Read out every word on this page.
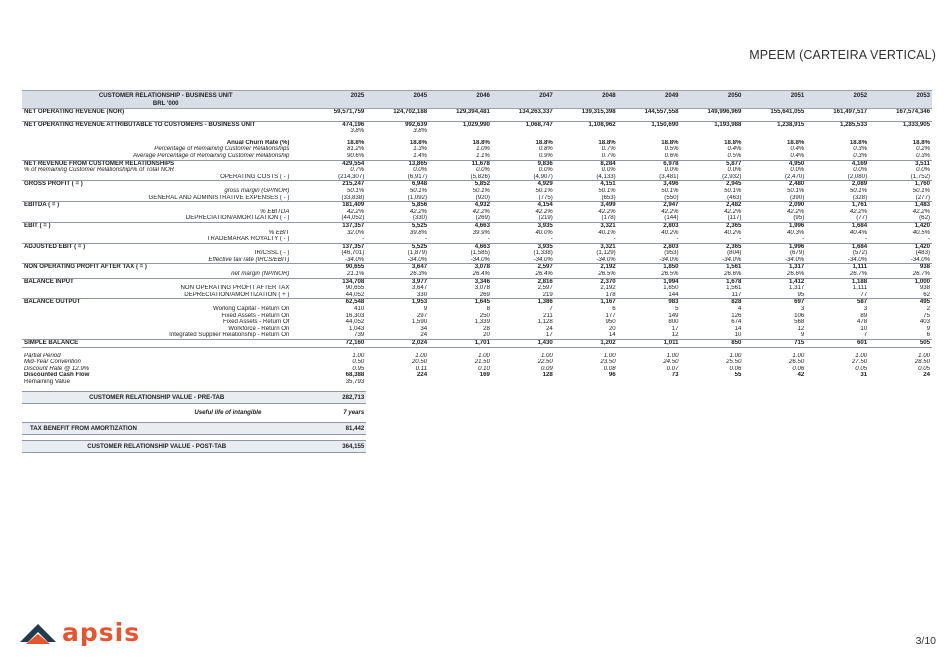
MPEEM (CARTEIRA VERTICAL)
CUSTOMER RELATIONSHIP - BUSINESS UNIT	2025	2045	2046	2047	2048	2049	2050	2051	2052	2053
BRL '000										
NET OPERATING REVENUE (NOR)	59,571,759	124,702,188	129,394,481	134,263,337	139,315,398	144,557,558	149,996,969	155,641,055	161,497,517	167,574,346

NET OPERATING REVENUE ATTRIBUTABLE TO CUSTOMERS - BUSINESS UNIT	474,196	992,639	1,029,990	1,068,747	1,108,962	1,150,690	1,193,988	1,238,915	1,285,533	1,333,905
	3.8%	3.8%								

Anual Churn Rate (%)	18.8%	18.8%	18.8%	18.8%	18.8%	18.8%	18.8%	18.8%	18.8%	18.8%
Percentage of Remaining Customer Relationships	81.2%	1.3%	1.0%	0.8%	0.7%	0.5%	0.4%	0.4%	0.3%	0.2%
Average Percentage of Remaining Customer Relationship	90.6%	1.4%	1.1%	0.9%	0.7%	0.6%	0.5%	0.4%	0.3%	0.3%
NET REVENUE FROM CUSTOMER RELATIONSHIPS	429,554	13,865	11,678	9,836	8,284	6,978	5,877	4,950	4,169	3,511
% of Remaining Customer Relationship/% of Total NOR	0.7%	0.0%	0.0%	0.0%	0.0%	0.0%	0.0%	0.0%	0.0%	0.0%
OPERATING COSTS ( - )	(214,307)	(6,917)	(5,826)	(4,907)	(4,133)	(3,481)	(2,932)	(2,470)	(2,080)	(1,752)
GROSS PROFIT ( = )	215,247	6,948	5,852	4,929	4,151	3,496	2,945	2,480	2,089	1,760
gross margin (GP/NOR)	50.1%	50.1%	50.1%	50.1%	50.1%	50.1%	50.1%	50.1%	50.1%	50.1%
GENERAL AND ADMINISTRATIVE EXPENSES ( - )	(33,838)	(1,092)	(920)	(775)	(653)	(550)	(463)	(390)	(328)	(277)
EBITDA ( = )	181,409	5,856	4,932	4,154	3,499	2,947	2,482	2,090	1,761	1,483
% EBITDA	42.2%	42.2%	42.2%	42.2%	42.2%	42.2%	42.2%	42.2%	42.2%	42.2%
DEPRECIATION/AMORTIZATION ( - )	(44,052)	(330)	(269)	(219)	(178)	(144)	(117)	(95)	(77)	(62)
EBIT ( = )	137,357	5,525	4,663	3,935	3,321	2,803	2,365	1,996	1,684	1,420
% EBIT	32.0%	39.8%	39.9%	40.0%	40.1%	40.2%	40.2%	40.3%	40.4%	40.5%
TRADEMARAK ROYALTY ( - )	-	-	-	-	-	-	-	-	-	-
ADJUSTED EBIT ( = )	137,357	5,525	4,663	3,935	3,321	2,803	2,365	1,996	1,684	1,420
IR/CSSL ( - )	(46,701)	(1,879)	(1,585)	(1,338)	(1,129)	(953)	(804)	(679)	(572)	(483)
Effective tax rate (IRCS/EBIT)	-34.0%	-34.0%	-34.0%	-34.0%	-34.0%	-34.0%	-34.0%	-34.0%	-34.0%	-34.0%
NON OPERATING PROFIT AFTER TAX ( = )	90,655	3,647	3,078	2,597	2,192	1,850	1,561	1,317	1,111	938
net margin (NP/NOR)	21.1%	26.3%	26.4%	26.4%	26.5%	26.5%	26.6%	26.6%	26.7%	26.7%
BALANCE INPUT	134,708	3,977	3,346	2,816	2,370	1,994	1,678	1,412	1,188	1,000
NON OPERATING PROFIT AFTER TAX	90,655	3,647	3,078	2,597	2,192	1,850	1,561	1,317	1,111	938
DEPRECIATION/AMORTIZATION ( + )	44,052	330	269	219	178	144	117	95	77	62
BALANCE OUTPUT	62,548	1,953	1,645	1,386	1,167	983	828	697	587	495
Working Capital - Return On	410	9	8	7	6	5	4	3	3	2
Fixed Assets - Return On	16,303	297	250	211	177	149	126	106	89	75
Fixed Assets - Return Of	44,052	1,590	1,339	1,128	950	800	674	568	478	403
Workforce - Return On	1,043	34	28	24	20	17	14	12	10	9
Integrated Supplier Relationship - Return On	739	24	20	17	14	12	10	9	7	6
SIMPLE BALANCE	72,160	2,024	1,701	1,430	1,202	1,011	850	715	601	505

Partial Period	1.00	1.00	1.00	1.00	1.00	1.00	1.00	1.00	1.00	1.00
Mid-Year Convention	0.50	20.50	21.50	22.50	23.50	24.50	25.50	26.50	27.50	28.50
Discount Rate @ 12.9%	0.95	0.11	0.10	0.09	0.08	0.07	0.06	0.06	0.05	0.05
Discounted Cash Flow	68,388	224	169	128	96	73	55	42	31	24
Remaining Value	35,793									

CUSTOMER RELATIONSHIP VALUE - PRE-TAB	282,713									

Useful life of intangible	7 years									

TAX BENEFIT FROM AMORTIZATION	81,442									

CUSTOMER RELATIONSHIP VALUE - POST-TAB	364,155									
apsis	3/10
